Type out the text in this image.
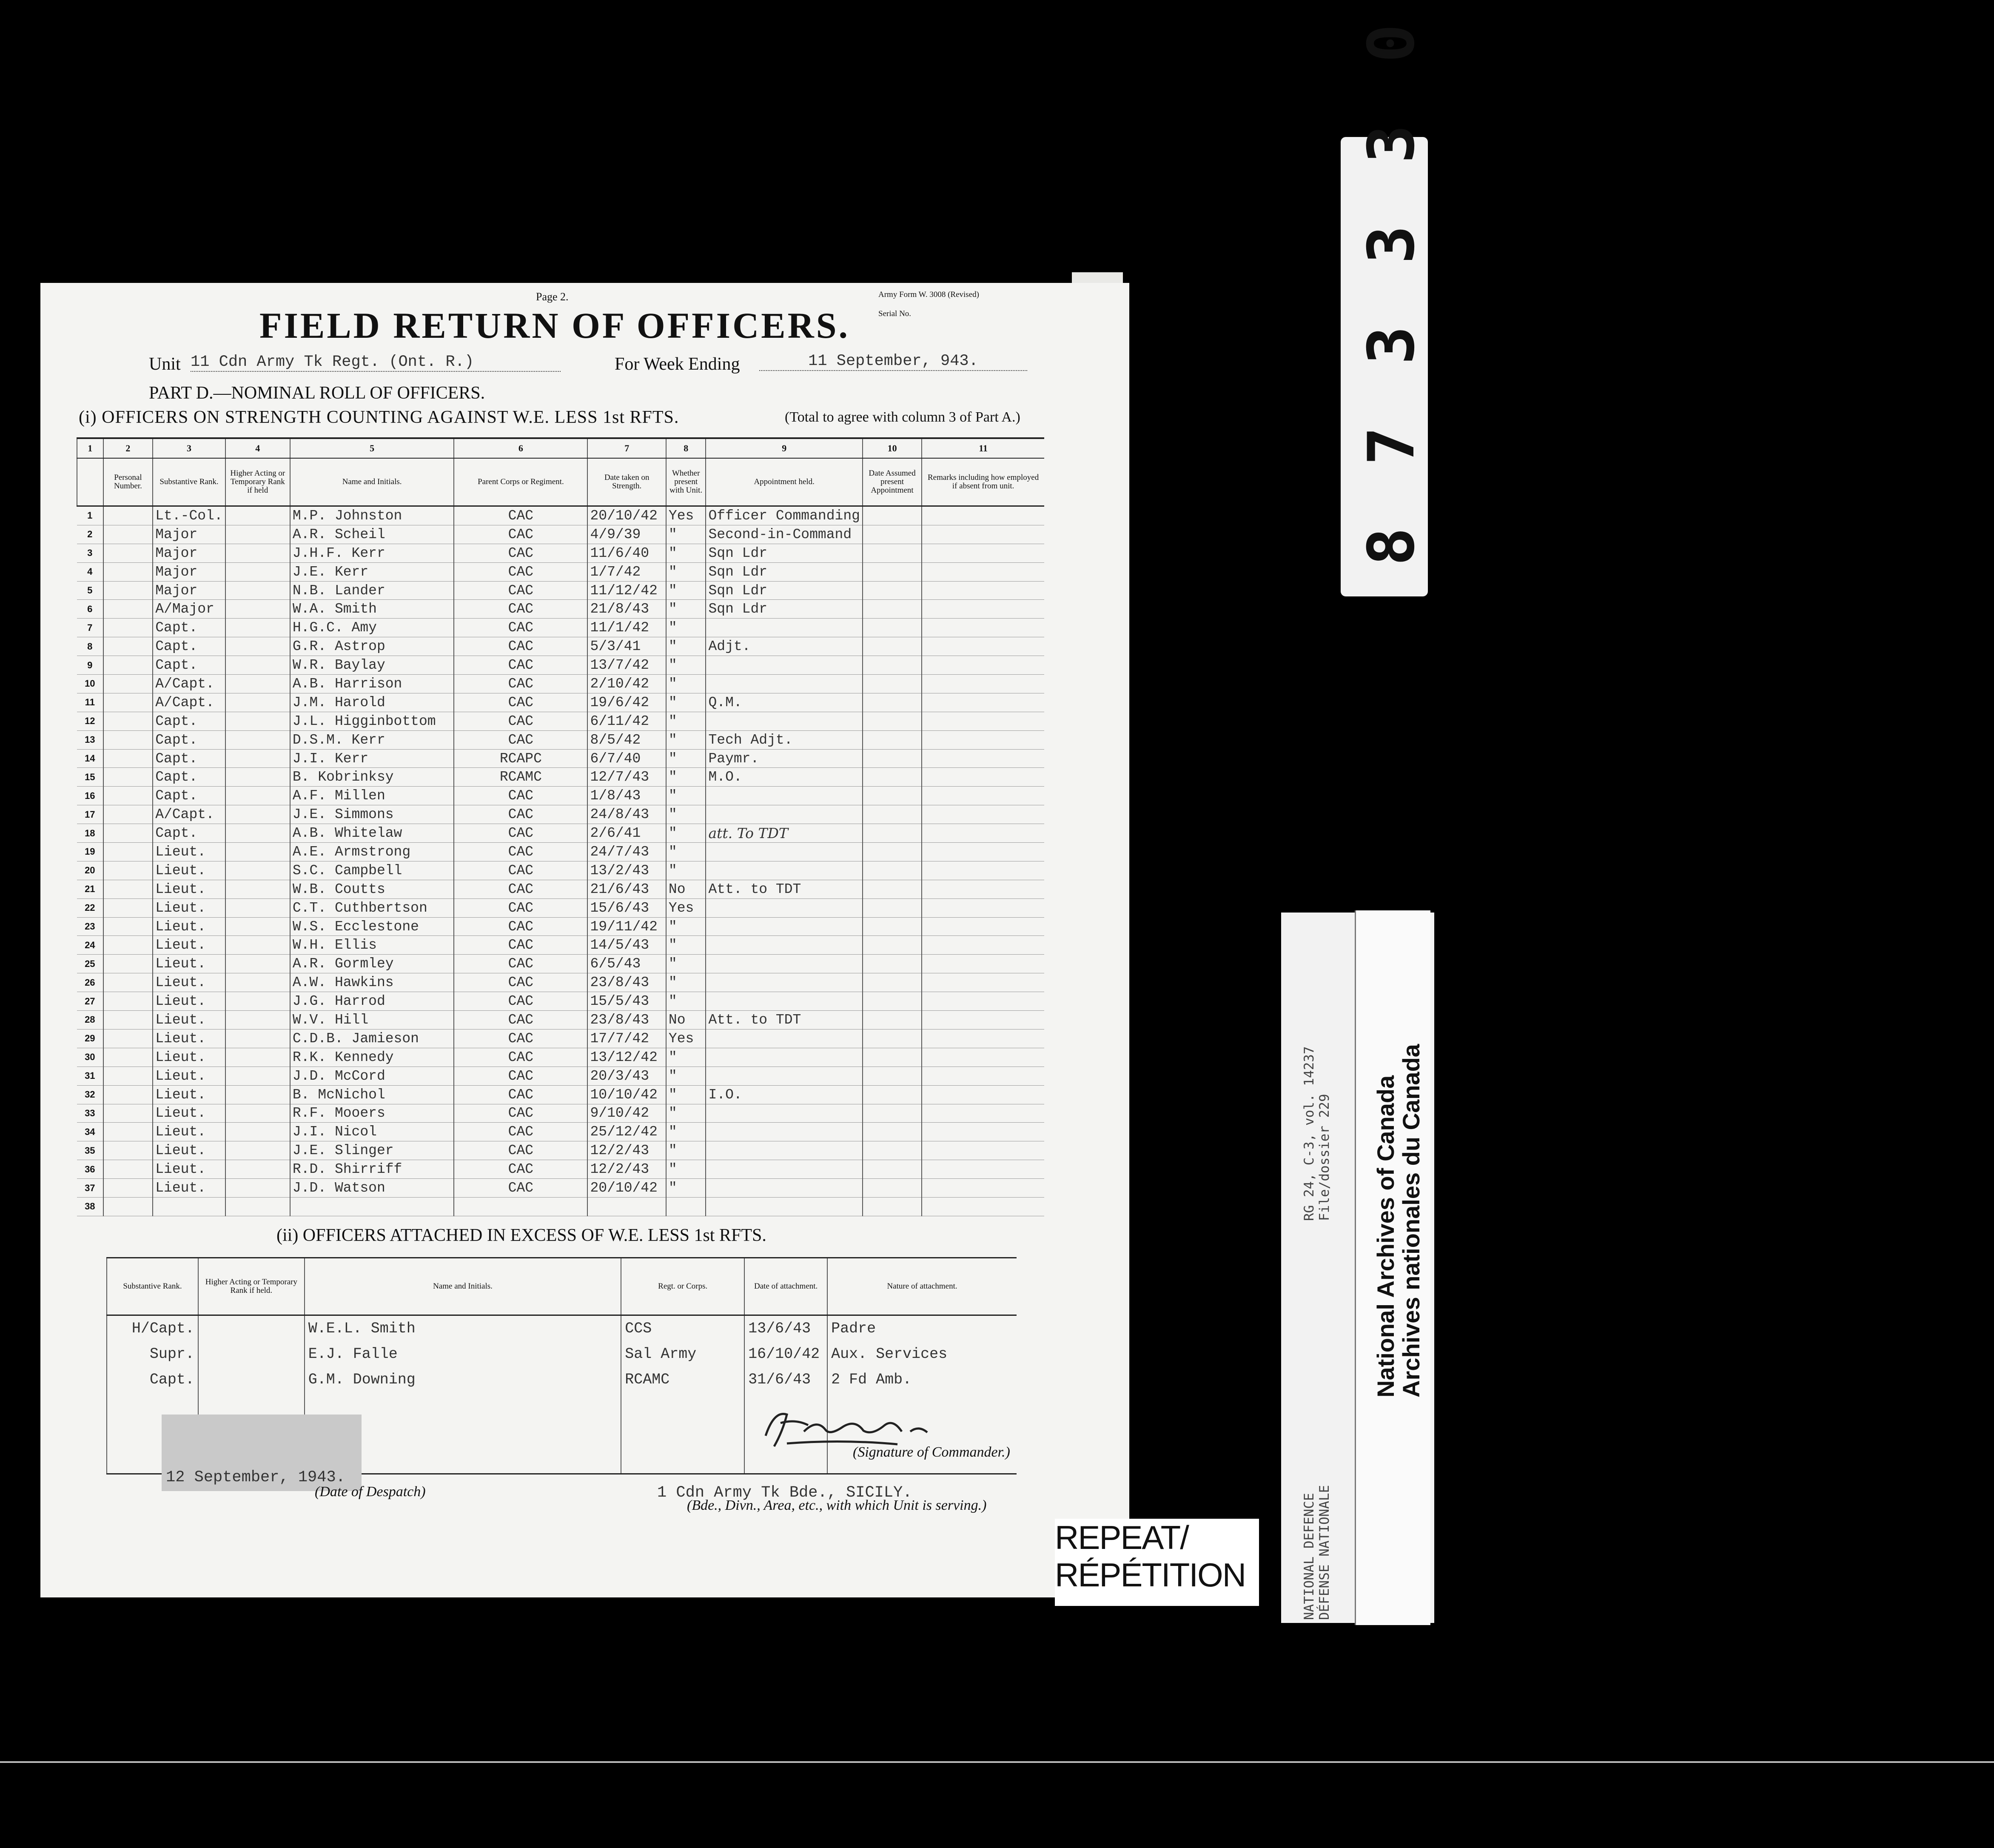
Page 2.	Army Form W. 3008 (Revised)
Serial No.
FIELD RETURN OF OFFICERS.
Unit 11 Cdn Army Tk Regt. (Ont. R.)	For Week Ending	11 September, 943.
PART D.—NOMINAL ROLL OF OFFICERS.
(i) OFFICERS ON STRENGTH COUNTING AGAINST W.E. LESS 1st RFTS.	(Total to agree with column 3 of Part A.)
1	2	3	4	5	6	7	8	9	10	11
	Personal Number.	Substantive Rank.	Higher Acting or Temporary Rank if held	Name and Initials.	Parent Corps or Regiment.	Date taken on Strength.	Whether present with Unit.	Appointment held.	Date Assumed present Appointment	Remarks including how employed if absent from unit.
1		Lt.-Col.		M.P. Johnston	CAC	20/10/42	Yes	Officer Commanding		
2		Major		A.R. Scheil	CAC	4/9/39	"	Second-in-Command		
3		Major		J.H.F. Kerr	CAC	11/6/40	"	Sqn Ldr		
4		Major		J.E. Kerr	CAC	1/7/42	"	Sqn Ldr		
5		Major		N.B. Lander	CAC	11/12/42	"	Sqn Ldr		
6		A/Major		W.A. Smith	CAC	21/8/43	"	Sqn Ldr		
7		Capt.		H.G.C. Amy	CAC	11/1/42	"			
8		Capt.		G.R. Astrop	CAC	5/3/41	"	Adjt.		
9		Capt.		W.R. Baylay	CAC	13/7/42	"			
10		A/Capt.		A.B. Harrison	CAC	2/10/42	"			
11		A/Capt.		J.M. Harold	CAC	19/6/42	"	Q.M.		
12		Capt.		J.L. Higginbottom	CAC	6/11/42	"			
13		Capt.		D.S.M. Kerr	CAC	8/5/42	"	Tech Adjt.		
14		Capt.		J.I. Kerr	RCAPC	6/7/40	"	Paymr.		
15		Capt.		B. Kobrinksy	RCAMC	12/7/43	"	M.O.		
16		Capt.		A.F. Millen	CAC	1/8/43	"			
17		A/Capt.		J.E. Simmons	CAC	24/8/43	"			
18		Capt.		A.B. Whitelaw	CAC	2/6/41	"	att. To TDT		
19		Lieut.		A.E. Armstrong	CAC	24/7/43	"			
20		Lieut.		S.C. Campbell	CAC	13/2/43	"			
21		Lieut.		W.B. Coutts	CAC	21/6/43	No	Att. to TDT		
22		Lieut.		C.T. Cuthbertson	CAC	15/6/43	Yes			
23		Lieut.		W.S. Ecclestone	CAC	19/11/42	"			
24		Lieut.		W.H. Ellis	CAC	14/5/43	"			
25		Lieut.		A.R. Gormley	CAC	6/5/43	"			
26		Lieut.		A.W. Hawkins	CAC	23/8/43	"			
27		Lieut.		J.G. Harrod	CAC	15/5/43	"			
28		Lieut.		W.V. Hill	CAC	23/8/43	No	Att. to TDT		
29		Lieut.		C.D.B. Jamieson	CAC	17/7/42	Yes			
30		Lieut.		R.K. Kennedy	CAC	13/12/42	"			
31		Lieut.		J.D. McCord	CAC	20/3/43	"			
32		Lieut.		B. McNichol	CAC	10/10/42	"	I.O.		
33		Lieut.		R.F. Mooers	CAC	9/10/42	"			
34		Lieut.		J.I. Nicol	CAC	25/12/42	"			
35		Lieut.		J.E. Slinger	CAC	12/2/43	"			
36		Lieut.		R.D. Shirriff	CAC	12/2/43	"			
37		Lieut.		J.D. Watson	CAC	20/10/42	"			
38										
(ii) OFFICERS ATTACHED IN EXCESS OF W.E. LESS 1st RFTS.
Substantive Rank.	Higher Acting or Temporary Rank if held.	Name and Initials.	Regt. or Corps.	Date of attachment.	Nature of attachment.
H/Capt.		W.E.L. Smith	CCS	13/6/43	Padre
Supr.		E.J. Falle	Sal Army	16/10/42	Aux. Services
Capt.		G.M. Downing	RCAMC	31/6/43	2 Fd Amb.

(Signature of Commander.)
12 September, 1943.
(Date of Despatch)	1 Cdn Army Tk Bde., SICILY.
(Bde., Divn., Area, etc., with which Unit is serving.)
REPEAT/
RÉPÉTITION
8 7 3 3 3 0
NATIONAL DEFENCE DÉFENSE NATIONALE
RG 24, C-3, vol. 14237 File/dossier 229 National Archives of Canada
Archives nationales du Canada
